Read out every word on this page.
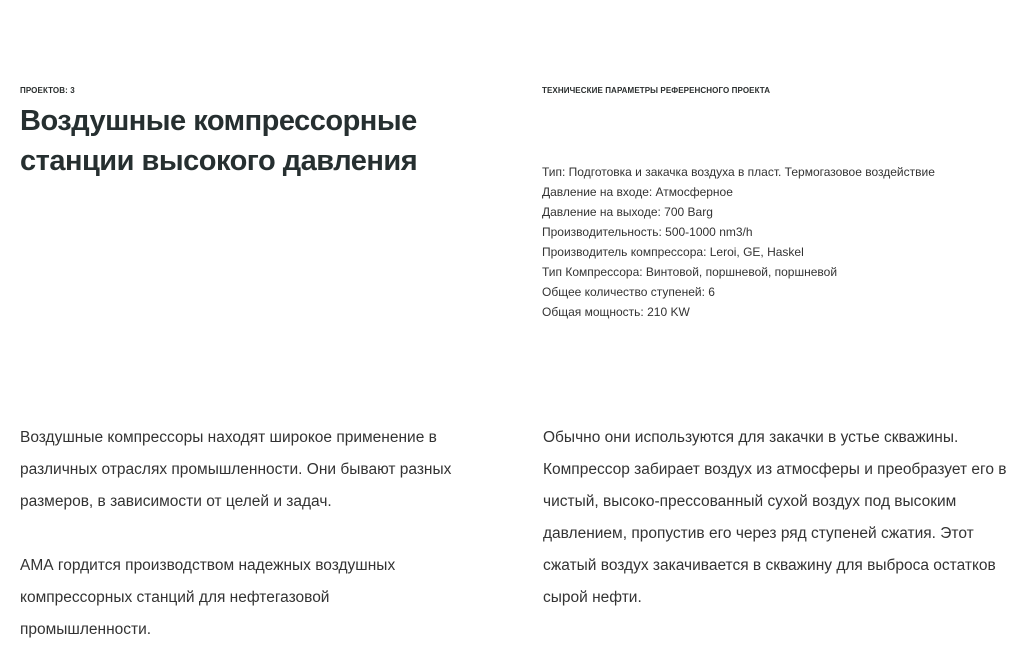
ПРОЕКТОВ: 3
Воздушные компрессорные станции высокого давления
ТЕХНИЧЕСКИЕ ПАРАМЕТРЫ РЕФЕРЕНСНОГО ПРОЕКТА
Тип: Подготовка и закачка воздуха в пласт. Термогазовое воздействие
Давление на входе: Атмосферное
Давление на выходе: 700 Barg
Производительность: 500-1000 nm3/h
Производитель компрессора: Leroi, GE, Haskel
Тип Компрессора: Винтовой, поршневой, поршневой
Общее количество ступеней: 6
Общая мощность: 210 KW

Воздушные компрессоры находят широкое применение в различных отраслях промышленности. Они бывают разных размеров, в зависимости от целей и задач.

АМА гордится производством надежных воздушных компрессорных станций для нефтегазовой промышленности.

Обычно они используются для закачки в устье скважины. Компрессор забирает воздух из атмосферы и преобразует его в чистый, высоко-прессованный сухой воздух под высоким давлением, пропустив его через ряд ступеней сжатия. Этот сжатый воздух закачивается в скважину для выброса остатков сырой нефти.
